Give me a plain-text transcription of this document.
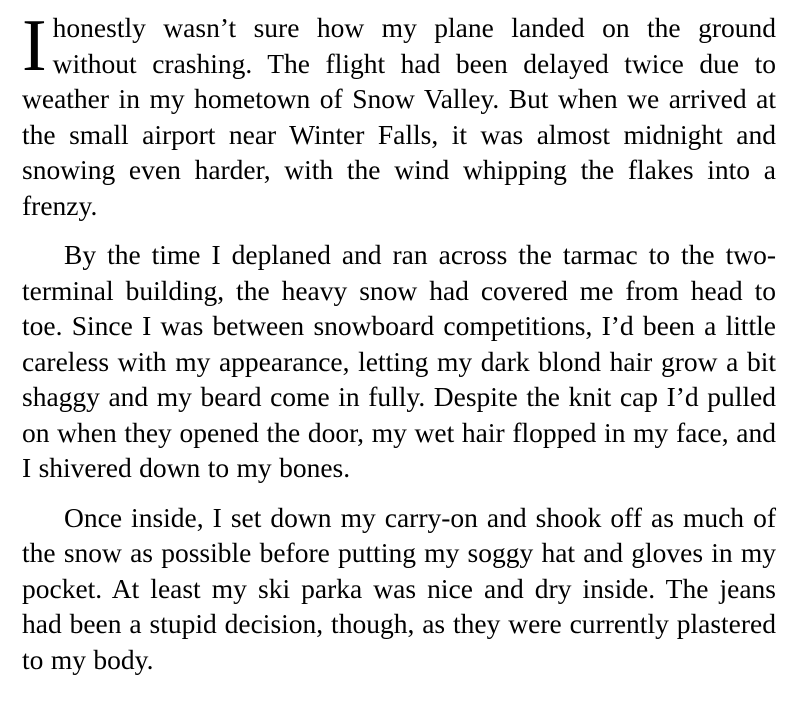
Ihonestly wasn’t sure how my plane landed on the ground without crashing. The flight had been delayed twice due to weather in my hometown of Snow Valley. But when we arrived at the small airport near Winter Falls, it was almost midnight and snowing even harder, with the wind whipping the flakes into a frenzy.

By the time I deplaned and ran across the tarmac to the two-terminal building, the heavy snow had covered me from head to toe. Since I was between snowboard competitions, I’d been a little careless with my appearance, letting my dark blond hair grow a bit shaggy and my beard come in fully. Despite the knit cap I’d pulled on when they opened the door, my wet hair flopped in my face, and I shivered down to my bones.

Once inside, I set down my carry-on and shook off as much of the snow as possible before putting my soggy hat and gloves in my pocket. At least my ski parka was nice and dry inside. The jeans had been a stupid decision, though, as they were currently plastered to my body.
